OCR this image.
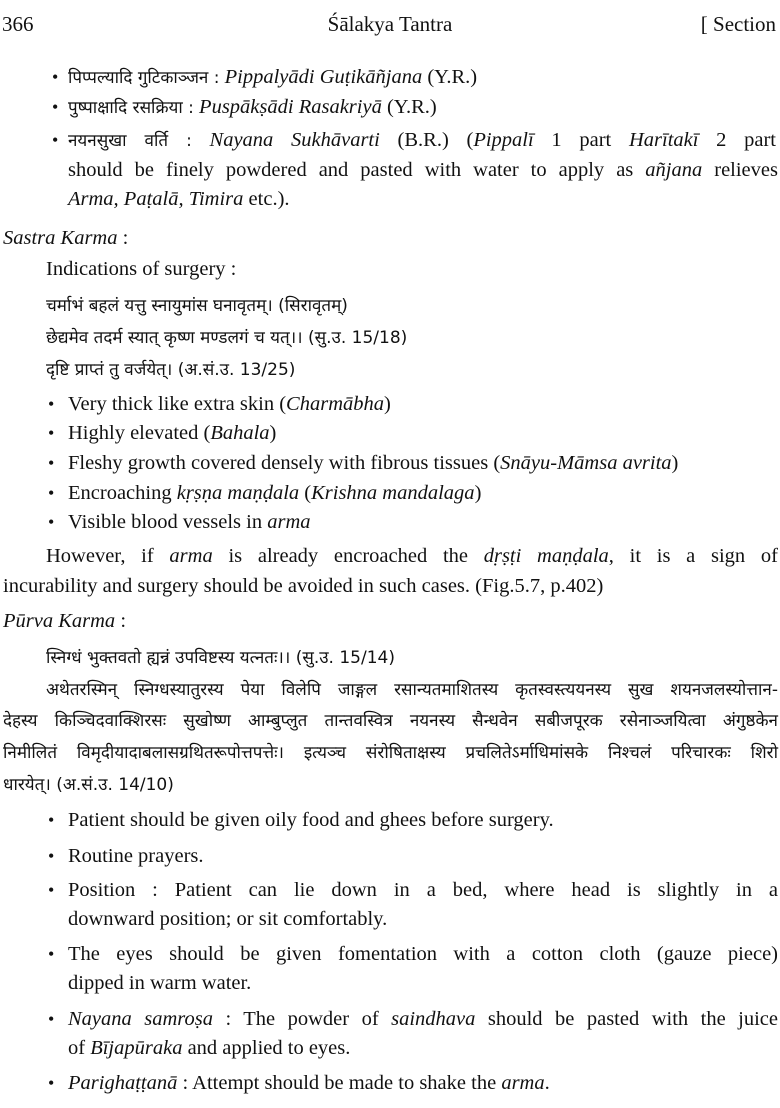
366	Śālakya Tantra	[ Section
• पिप्पल्यादि गुटिकाञ्जन : Pippalyādi Guṭikāñjana (Y.R.)
• पुष्पाक्षादि रसक्रिया : Puspākṣādi Rasakriyā (Y.R.)
• नयनसुखा वर्ति : Nayana Sukhāvarti (B.R.) (Pippalī 1 part Harītakī 2 part
should be finely powdered and pasted with water to apply as añjana relieves
Arma, Paṭalā, Timira etc.).
Sastra Karma :
Indications of surgery :
चर्माभं बहलं यत्तु स्नायुमांस घनावृतम्। (सिरावृतम्)
छेद्यमेव तदर्म स्यात् कृष्ण मण्डलगं च यत्।। (सु.उ. 15/18)
दृष्टि प्राप्तं तु वर्जयेत्। (अ.सं.उ. 13/25)
• Very thick like extra skin (Charmābha)
• Highly elevated (Bahala)
• Fleshy growth covered densely with fibrous tissues (Snāyu-Māmsa avrita)
• Encroaching kṛṣṇa maṇḍala (Krishna mandalaga)
• Visible blood vessels in arma
However, if arma is already encroached the dṛṣṭi maṇḍala, it is a sign of
incurability and surgery should be avoided in such cases. (Fig.5.7, p.402)
Pūrva Karma :
स्निग्धं भुक्तवतो ह्यन्नं उपविष्टस्य यत्नतः।। (सु.उ. 15/14)
अथेतरस्मिन् स्निग्धस्यातुरस्य पेया विलेपि जाङ्गल रसान्यतमाशितस्य कृतस्वस्त्ययनस्य सुख शयनजलस्योत्तान-
देहस्य किञ्चिदवाक्शिरसः सुखोष्ण आम्बुप्लुत तान्तवस्वित्र नयनस्य सैन्धवेन सबीजपूरक रसेनाञ्जयित्वा अंगुष्ठकेन
निमीलितं विमृदीयादाबलासग्रथितरूपोत्तपत्तेः। इत्यञ्च संरोषिताक्षस्य प्रचलितेऽर्माधिमांसके निश्चलं परिचारकः शिरो
धारयेत्। (अ.सं.उ. 14/10)
• Patient should be given oily food and ghees before surgery.
• Routine prayers.
• Position : Patient can lie down in a bed, where head is slightly in a
downward position; or sit comfortably.
• The eyes should be given fomentation with a cotton cloth (gauze piece)
dipped in warm water.
• Nayana samroṣa : The powder of saindhava should be pasted with the juice
of Bījapūraka and applied to eyes.
• Parighaṭṭanā : Attempt should be made to shake the arma.
